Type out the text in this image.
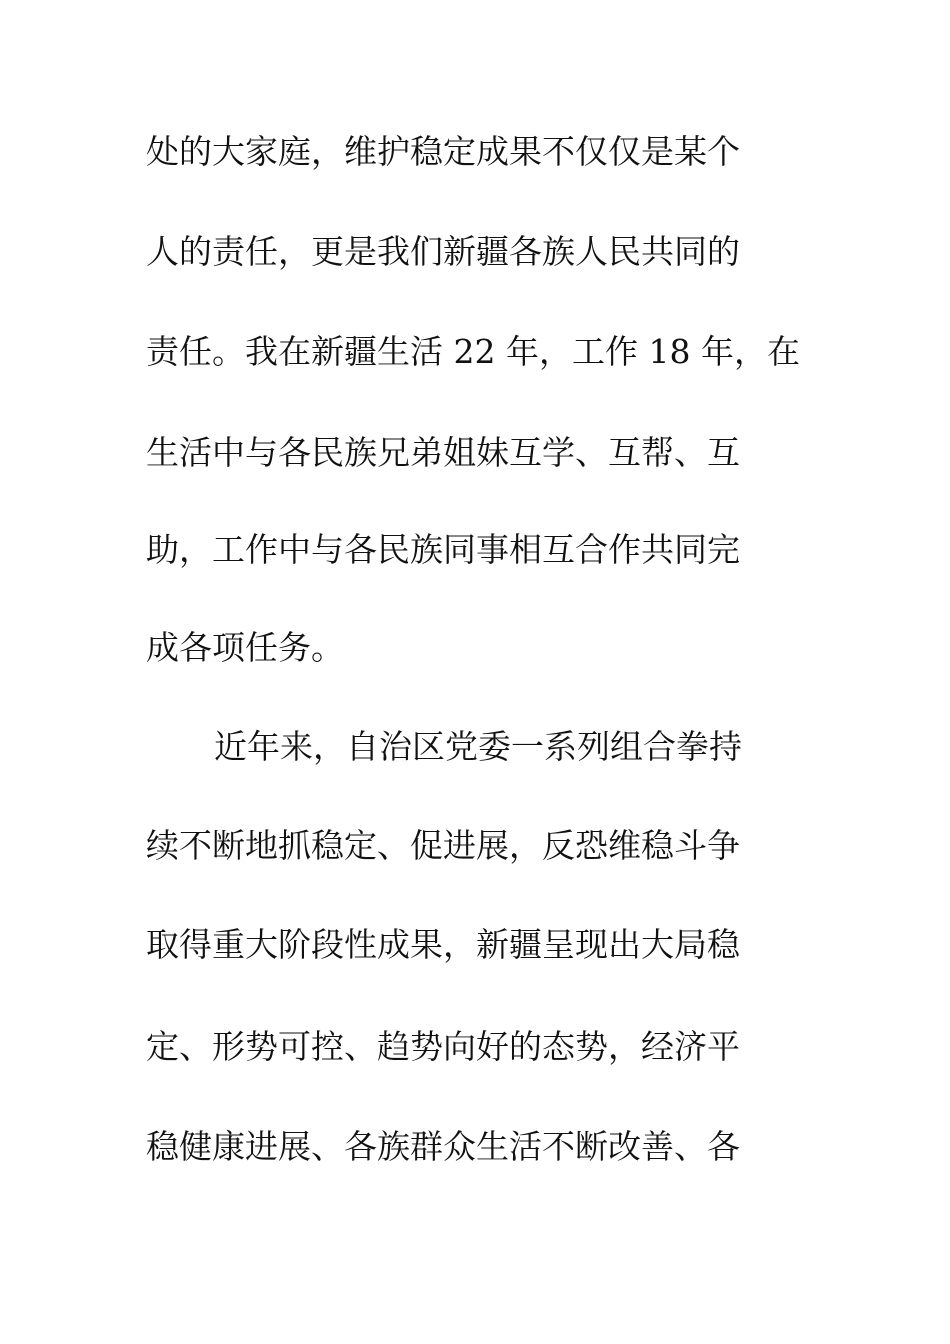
处的大家庭，维护稳定成果不仅仅是某个
人的责任，更是我们新疆各族人民共同的
责任。我在新疆生活 22 年，工作 18 年，在
生活中与各民族兄弟姐妹互学、互帮、互
助，工作中与各民族同事相互合作共同完
成各项任务。
近年来，自治区党委一系列组合拳持
续不断地抓稳定、促进展，反恐维稳斗争
取得重大阶段性成果，新疆呈现出大局稳
定、形势可控、趋势向好的态势，经济平
稳健康进展、各族群众生活不断改善、各
